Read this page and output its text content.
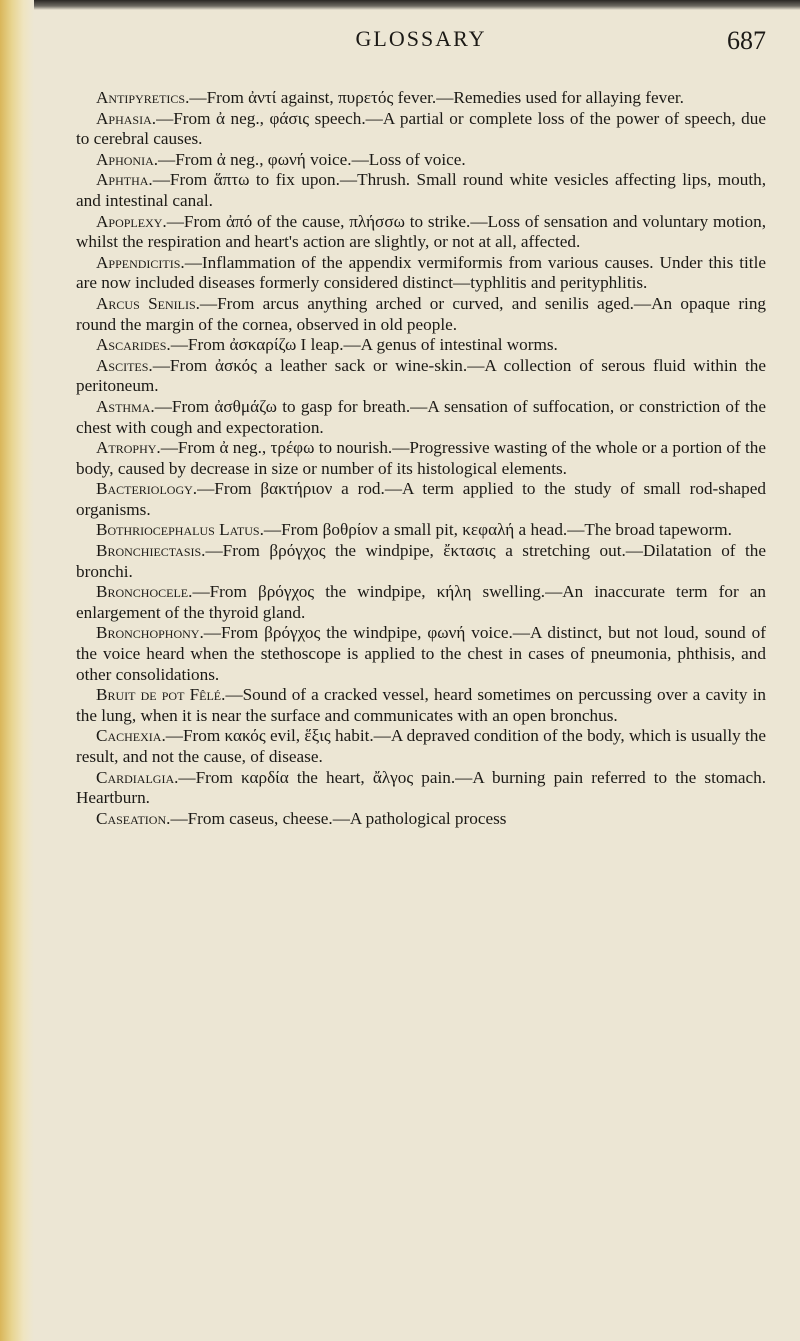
GLOSSARY	687

Antipyretics.—From ἀντί against, πυρετός fever.—Remedies used for allaying fever.

Aphasia.—From ἀ neg., φάσις speech.—A partial or complete loss of the power of speech, due to cerebral causes.

Aphonia.—From ἀ neg., φωνή voice.—Loss of voice.

Aphtha.—From ἅπτω to fix upon.—Thrush. Small round white vesicles affecting lips, mouth, and intestinal canal.

Apoplexy.—From ἀπό of the cause, πλήσσω to strike.—Loss of sensation and voluntary motion, whilst the respiration and heart's action are slightly, or not at all, affected.

Appendicitis.—Inflammation of the appendix vermiformis from various causes. Under this title are now included diseases formerly considered distinct—typhlitis and perityphlitis.

Arcus Senilis.—From arcus anything arched or curved, and senilis aged.—An opaque ring round the margin of the cornea, observed in old people.

Ascarides.—From ἀσκαρίζω I leap.—A genus of intestinal worms.

Ascites.—From ἀσκός a leather sack or wine-skin.—A collection of serous fluid within the peritoneum.

Asthma.—From ἀσθμάζω to gasp for breath.—A sensation of suffocation, or constriction of the chest with cough and expectoration.

Atrophy.—From ἀ neg., τρέφω to nourish.—Progressive wasting of the whole or a portion of the body, caused by decrease in size or number of its histological elements.

Bacteriology.—From βακτήριον a rod.—A term applied to the study of small rod-shaped organisms.

Bothriocephalus Latus.—From βοθρίον a small pit, κεφαλή a head.—The broad tapeworm.

Bronchiectasis.—From βρόγχος the windpipe, ἔκτασις a stretching out.—Dilatation of the bronchi.

Bronchocele.—From βρόγχος the windpipe, κήλη swelling.—An inaccurate term for an enlargement of the thyroid gland.

Bronchophony.—From βρόγχος the windpipe, φωνή voice.—A distinct, but not loud, sound of the voice heard when the stethoscope is applied to the chest in cases of pneumonia, phthisis, and other consolidations.

Bruit de pot Fêlé.—Sound of a cracked vessel, heard sometimes on percussing over a cavity in the lung, when it is near the surface and communicates with an open bronchus.

Cachexia.—From κακός evil, ἕξις habit.—A depraved condition of the body, which is usually the result, and not the cause, of disease.

Cardialgia.—From καρδία the heart, ἄλγος pain.—A burning pain referred to the stomach. Heartburn.

Caseation.—From caseus, cheese.—A pathological process
